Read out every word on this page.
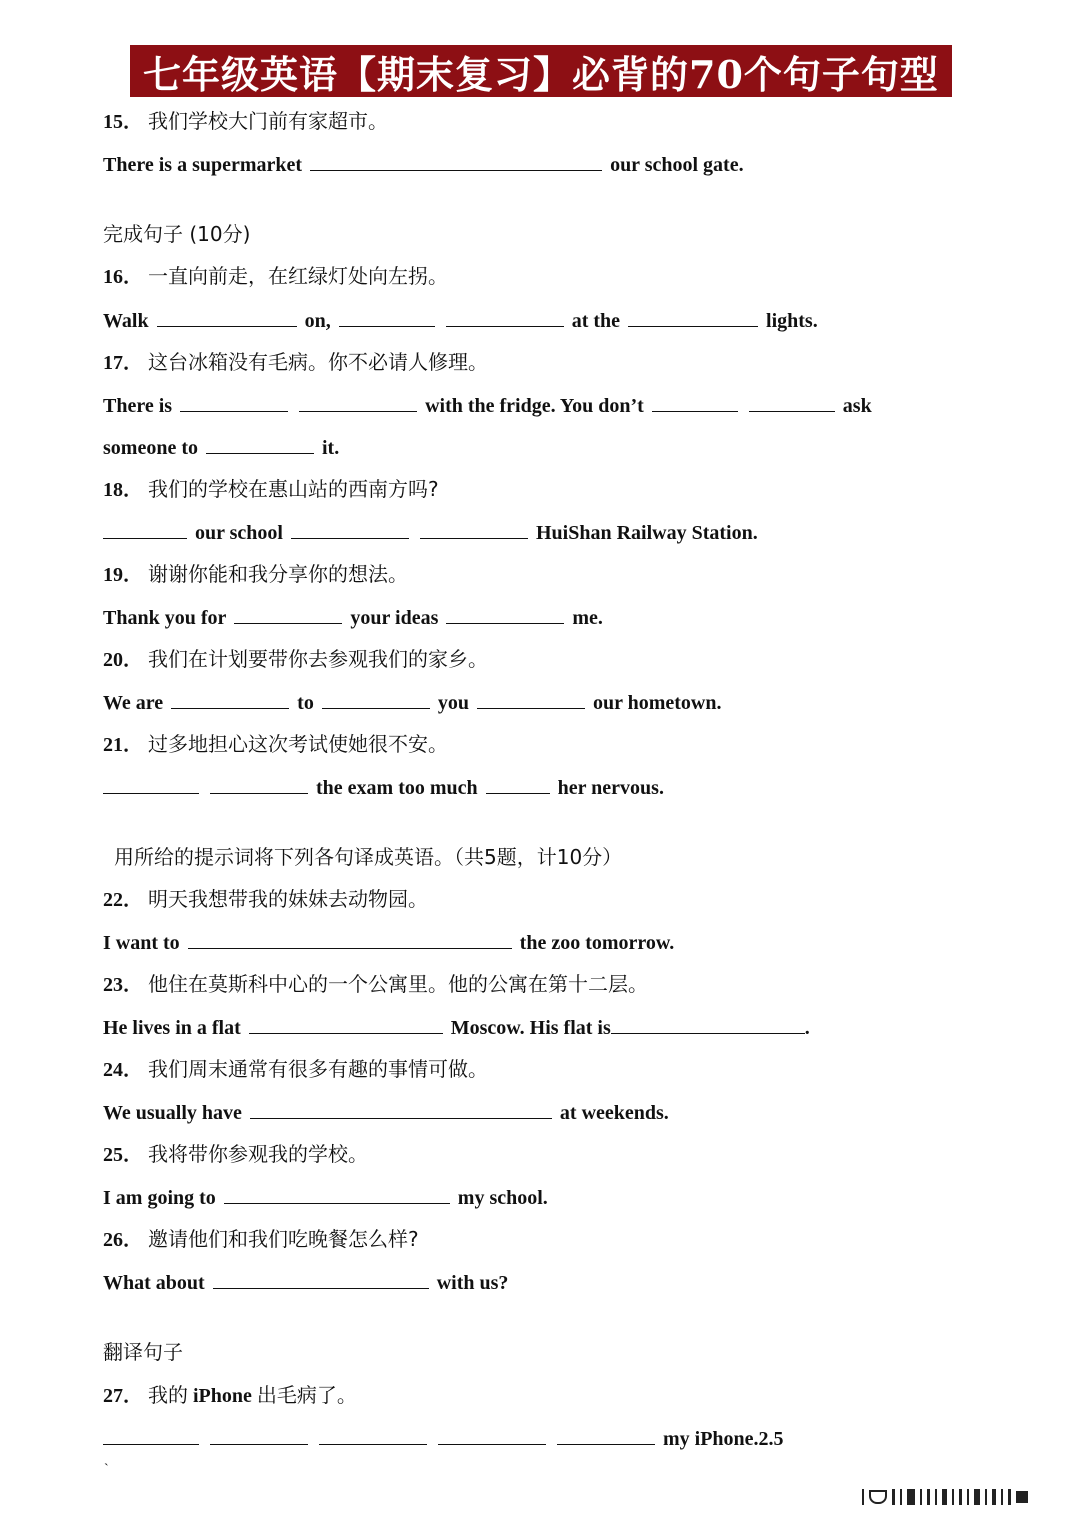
七年级英语【期末复习】必背的70个句子句型
15． 我们学校大门前有家超市。
There is a supermarket	our school gate.
完成句子 (10分)
16． 一直向前走，在红绿灯处向左拐。
Walk	on,	at the	lights.
17． 这台冰箱没有毛病。你不必请人修理。
There is	with the fridge. You don’t	ask
someone to	it.
18． 我们的学校在惠山站的西南方吗?
our school	HuiShan Railway Station.
19． 谢谢你能和我分享你的想法。
Thank you for	your ideas	me.
20． 我们在计划要带你去参观我们的家乡。
We are	to	you	our hometown.
21． 过多地担心这次考试使她很不安。
the exam too much	her nervous.
用所给的提示词将下列各句译成英语。（共5题，计10分）
22． 明天我想带我的妹妹去动物园。
I want to	the zoo tomorrow.
23． 他住在莫斯科中心的一个公寓里。他的公寓在第十二层。
He lives in a flat	Moscow. His flat is	.
24． 我们周末通常有很多有趣的事情可做。
We usually have	at weekends.
25． 我将带你参观我的学校。
I am going to	my school.
26． 邀请他们和我们吃晚餐怎么样?
What about	with us?
翻译句子
27． 我的 iPhone 出毛病了。
my iPhone.2.5
`
